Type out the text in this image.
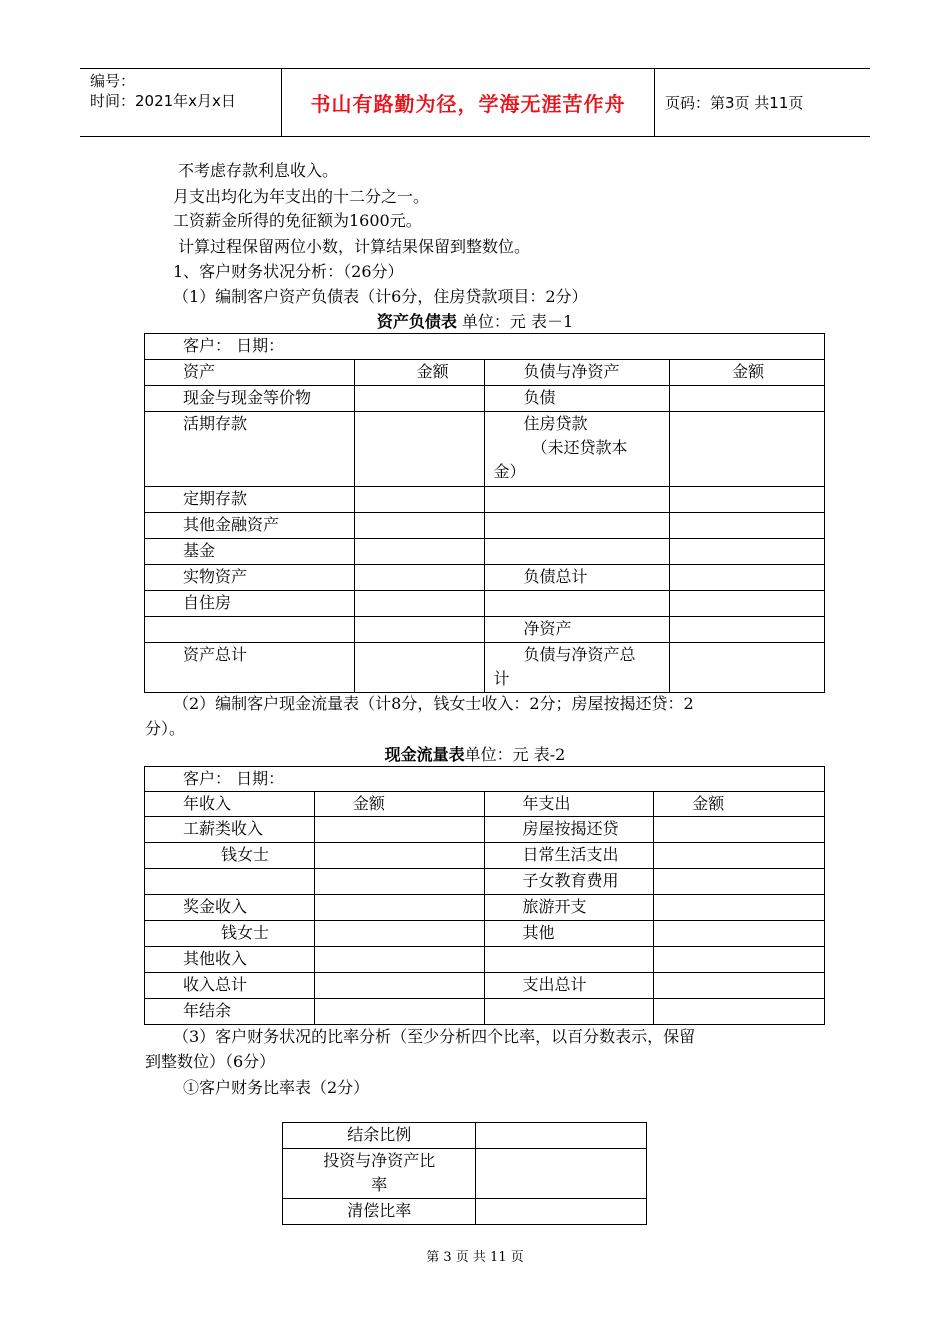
编号：
时间：2021年x月x日	书山有路勤为径，学海无涯苦作舟	页码：第3页 共11页
不考虑存款利息收入。
月支出均化为年支出的十二分之一。
工资薪金所得的免征额为1600元。
计算过程保留两位小数，计算结果保留到整数位。
1、客户财务状况分析：（26分）
（1）编制客户资产负债表（计6分，住房贷款项目：2分）
资产负债表 单位：元 表－1
客户： 日期：			
资产	金额	负债与净资产	金额
现金与现金等价物		负债	
活期存款		住房贷款
（未还贷款本
金）	

定期存款			
其他金融资产			
基金			
实物资产		负债总计	
自住房			
		净资产	
资产总计		负债与净资产总
计	

（2）编制客户现金流量表（计8分，钱女士收入：2分；房屋按揭还贷：2
分）。
现金流量表单位：元 表-2
客户： 日期：			
年收入	金额	年支出	金额
工薪类收入		房屋按揭还贷	
钱女士		日常生活支出	
		子女教育费用	
奖金收入		旅游开支	
钱女士		其他	
其他收入			
收入总计		支出总计	
年结余			
（3）客户财务状况的比率分析（至少分析四个比率，以百分数表示，保留
到整数位）（6分）
①客户财务比率表（2分）
结余比例	

投资与净资产比
率	

清偿比率	
第 3 页 共 11 页
